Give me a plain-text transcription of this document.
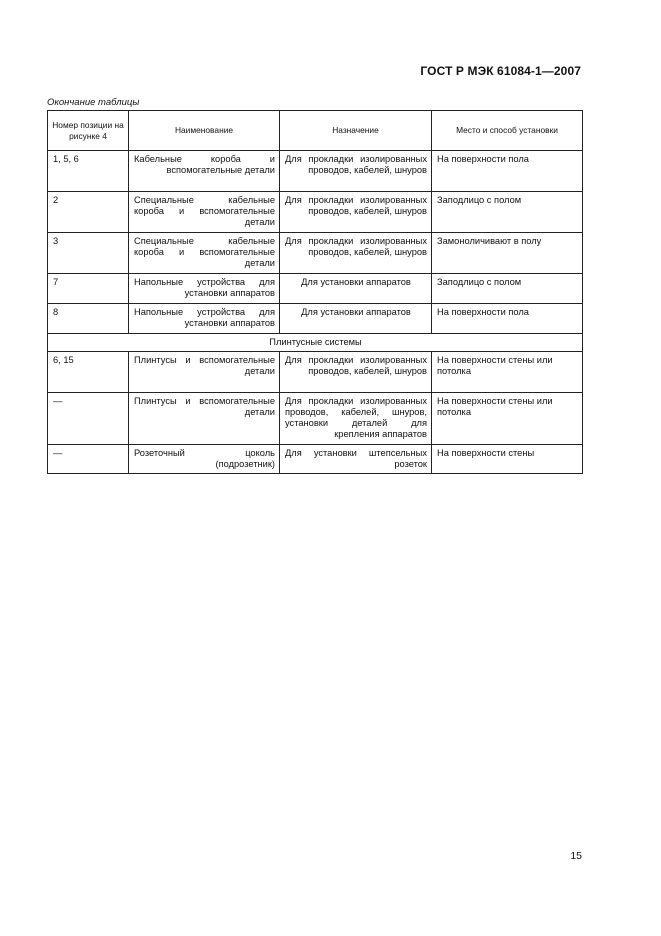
ГОСТ Р МЭК 61084-1—2007
Окончание таблицы
Номер позиции на рисунке 4	Наименование	Назначение	Место и способ установки
1, 5, 6	Кабельные короба и вспомогательные детали	Для прокладки изолированных проводов, кабелей, шнуров	На поверхности пола
2	Специальные кабельные короба и вспомогательные детали	Для прокладки изолированных проводов, кабелей, шнуров	Заподлицо с полом
3	Специальные кабельные короба и вспомогательные детали	Для прокладки изолированных проводов, кабелей, шнуров	Замоноличивают в полу
7	Напольные устройства для установки аппаратов	Для установки аппаратов	Заподлицо с полом
8	Напольные устройства для установки аппаратов	Для установки аппаратов	На поверхности пола
Плинтусные системы			
6, 15	Плинтусы и вспомогательные детали	Для прокладки изолированных проводов, кабелей, шнуров	На поверхности стены или потолка
—	Плинтусы и вспомогательные детали	Для прокладки изолированных проводов, кабелей, шнуров, установки деталей для крепления аппаратов	На поверхности стены или потолка
—	Розеточный цоколь (подрозетник)	Для установки штепсельных розеток	На поверхности стены
15
